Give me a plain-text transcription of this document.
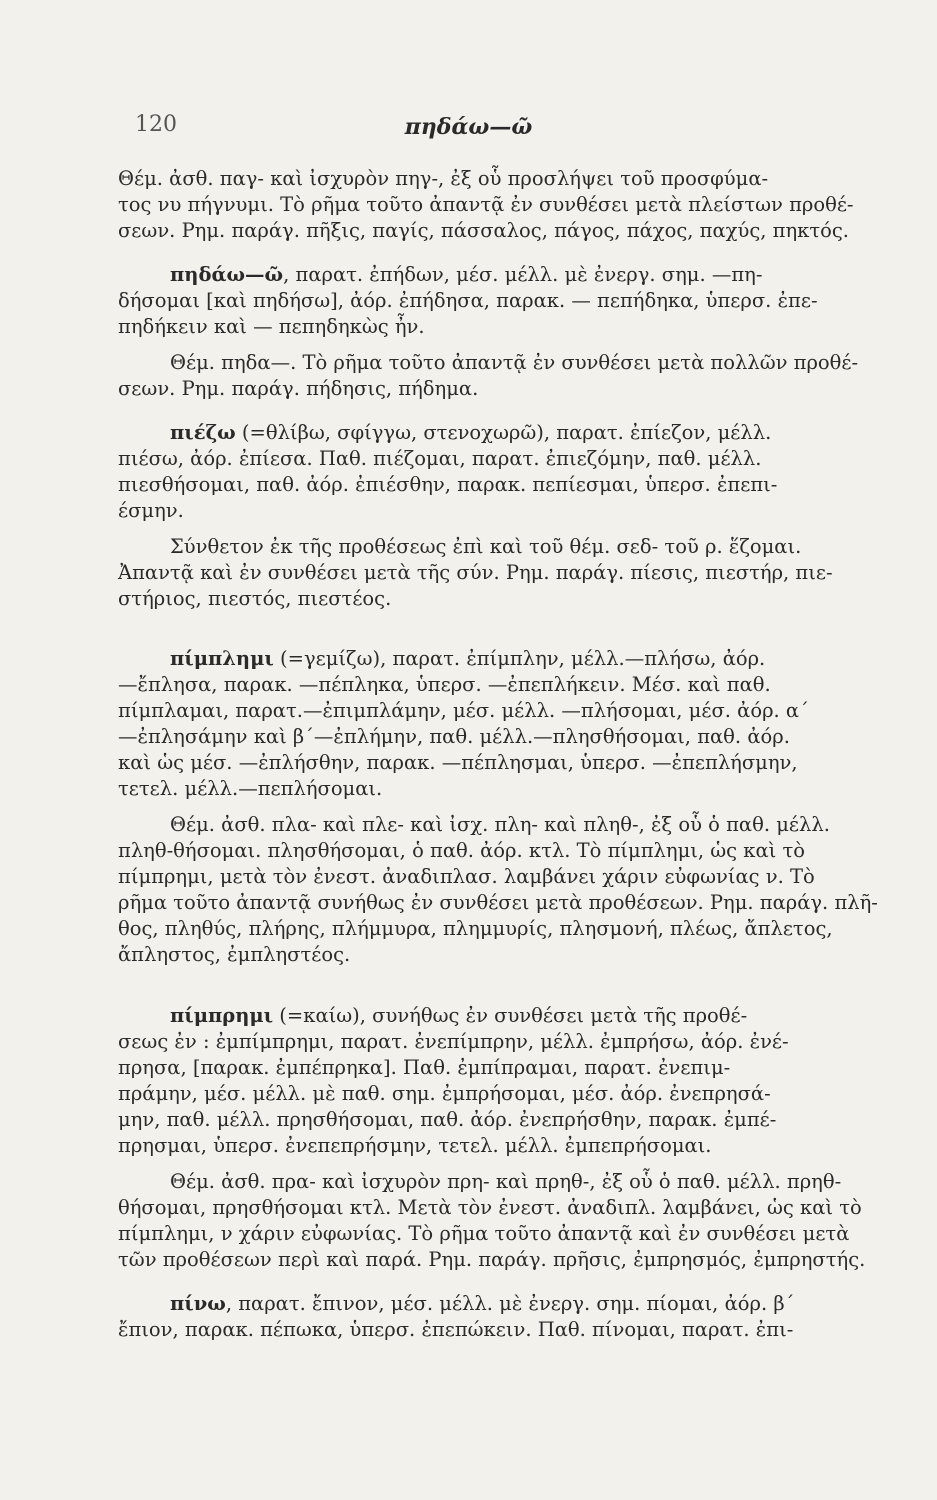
120	πηδάω—ῶ
Θέμ. ἀσθ. παγ- καὶ ἰσχυρὸν πηγ-, ἐξ οὗ προσλήψει τοῦ προσφύμα-
τος νυ πήγνυμι. Τὸ ρῆμα τοῦτο ἀπαντᾷ ἐν συνθέσει μετὰ πλείστων προθέ-
σεων. Ρημ. παράγ. πῆξις, παγίς, πάσσαλος, πάγος, πάχος, παχύς, πηκτός.
πηδάω—ῶ, παρατ. ἐπήδων, μέσ. μέλλ. μὲ ἐνεργ. σημ. —πη-
δήσομαι [καὶ πηδήσω], ἀόρ. ἐπήδησα, παρακ. — πεπήδηκα, ὑπερσ. ἐπε-
πηδήκειν καὶ — πεπηδηκὼς ἦν.
Θέμ. πηδα—. Τὸ ρῆμα τοῦτο ἀπαντᾷ ἐν συνθέσει μετὰ πολλῶν προθέ-
σεων. Ρημ. παράγ. πήδησις, πήδημα.
πιέζω (=θλίβω, σφίγγω, στενοχωρῶ), παρατ. ἐπίεζον, μέλλ.
πιέσω, ἀόρ. ἐπίεσα. Παθ. πιέζομαι, παρατ. ἐπιεζόμην, παθ. μέλλ.
πιεσθήσομαι, παθ. ἀόρ. ἐπιέσθην, παρακ. πεπίεσμαι, ὑπερσ. ἐπεπι-
έσμην.
Σύνθετον ἐκ τῆς προθέσεως ἐπὶ καὶ τοῦ θέμ. σεδ- τοῦ ρ. ἕζομαι.
Ἀπαντᾷ καὶ ἐν συνθέσει μετὰ τῆς σύν. Ρημ. παράγ. πίεσις, πιεστήρ, πιε-
στήριος, πιεστός, πιεστέος.
πίμπλημι (=γεμίζω), παρατ. ἐπίμπλην, μέλλ.—πλήσω, ἀόρ.
—ἔπλησα, παρακ. —πέπληκα, ὑπερσ. —ἐπεπλήκειν. Μέσ. καὶ παθ.
πίμπλαμαι, παρατ.—ἐπιμπλάμην, μέσ. μέλλ. —πλήσομαι, μέσ. ἀόρ. α΄
—ἐπλησάμην καὶ β΄—ἐπλήμην, παθ. μέλλ.—πλησθήσομαι, παθ. ἀόρ.
καὶ ὡς μέσ. —ἐπλήσθην, παρακ. —πέπλησμαι, ὑπερσ. —ἐπεπλήσμην,
τετελ. μέλλ.—πεπλήσομαι.
Θέμ. ἀσθ. πλα- καὶ πλε- καὶ ἰσχ. πλη- καὶ πληθ-, ἐξ οὗ ὁ παθ. μέλλ.
πληθ-θήσομαι. πλησθήσομαι, ὁ παθ. ἀόρ. κτλ. Τὸ πίμπλημι, ὡς καὶ τὸ
πίμπρημι, μετὰ τὸν ἐνεστ. ἀναδιπλασ. λαμβάνει χάριν εὐφωνίας ν. Τὸ
ρῆμα τοῦτο ἀπαντᾷ συνήθως ἐν συνθέσει μετὰ προθέσεων. Ρημ. παράγ. πλῆ-
θος, πληθύς, πλήρης, πλήμμυρα, πλημμυρίς, πλησμονή, πλέως, ἄπλετος,
ἄπληστος, ἐμπληστέος.
πίμπρημι (=καίω), συνήθως ἐν συνθέσει μετὰ τῆς προθέ-
σεως ἐν : ἐμπίμπρημι, παρατ. ἐνεπίμπρην, μέλλ. ἐμπρήσω, ἀόρ. ἐνέ-
πρησα, [παρακ. ἐμπέπρηκα]. Παθ. ἐμπίπραμαι, παρατ. ἐνεπιμ-
πράμην, μέσ. μέλλ. μὲ παθ. σημ. ἐμπρήσομαι, μέσ. ἀόρ. ἐνεπρησά-
μην, παθ. μέλλ. πρησθήσομαι, παθ. ἀόρ. ἐνεπρήσθην, παρακ. ἐμπέ-
πρησμαι, ὑπερσ. ἐνεπεπρήσμην, τετελ. μέλλ. ἐμπεπρήσομαι.
Θέμ. ἀσθ. πρα- καὶ ἰσχυρὸν πρη- καὶ πρηθ-, ἐξ οὗ ὁ παθ. μέλλ. πρηθ-
θήσομαι, πρησθήσομαι κτλ. Μετὰ τὸν ἐνεστ. ἀναδιπλ. λαμβάνει, ὡς καὶ τὸ
πίμπλημι, ν χάριν εὐφωνίας. Τὸ ρῆμα τοῦτο ἀπαντᾷ καὶ ἐν συνθέσει μετὰ
τῶν προθέσεων περὶ καὶ παρά. Ρημ. παράγ. πρῆσις, ἐμπρησμός, ἐμπρηστής.
πίνω, παρατ. ἔπινον, μέσ. μέλλ. μὲ ἐνεργ. σημ. πίομαι, ἀόρ. β΄
ἔπιον, παρακ. πέπωκα, ὑπερσ. ἐπεπώκειν. Παθ. πίνομαι, παρατ. ἐπι-
